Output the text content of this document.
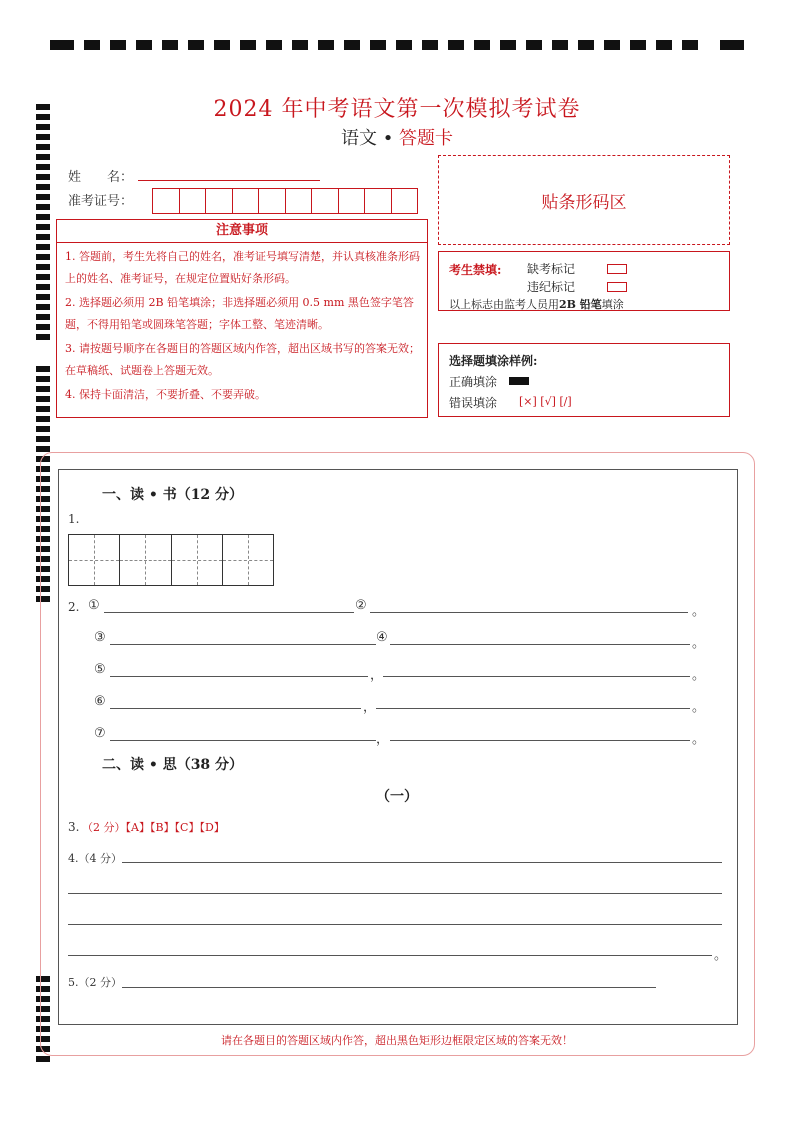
2024 年中考语文第一次模拟考试卷
语文 • 答题卡
姓　　名：
准考证号：	贴条形码区
注意事项
1. 答题前，考生先将自己的姓名，准考证号填写清楚，并认真核准条形码上的姓名、准考证号，在规定位置贴好条形码。
2. 选择题必须用 2B 铅笔填涂；非选择题必须用 0.5 mm 黑色签字笔答题，不得用铅笔或圆珠笔答题；字体工整、笔迹清晰。
3. 请按题号顺序在各题目的答题区域内作答，超出区域书写的答案无效；在草稿纸、试题卷上答题无效。
4. 保持卡面清洁，不要折叠、不要弄破。
考生禁填: 缺考标记
违纪标记
以上标志由监考人员用2B 铅笔填涂
选择题填涂样例:
正确填涂
错误填涂 [×] [√] [/]
一、读 • 书（12 分）
1.
2. ①	②	。
③	④	。
⑤	，	。
⑥	，	。
⑦	，	。
二、读 • 思（38 分）
（一）
3. （2 分）【A】【B】【C】【D】
4.（4 分）
。
5.（2 分）
请在各题目的答题区域内作答，超出黑色矩形边框限定区域的答案无效！
